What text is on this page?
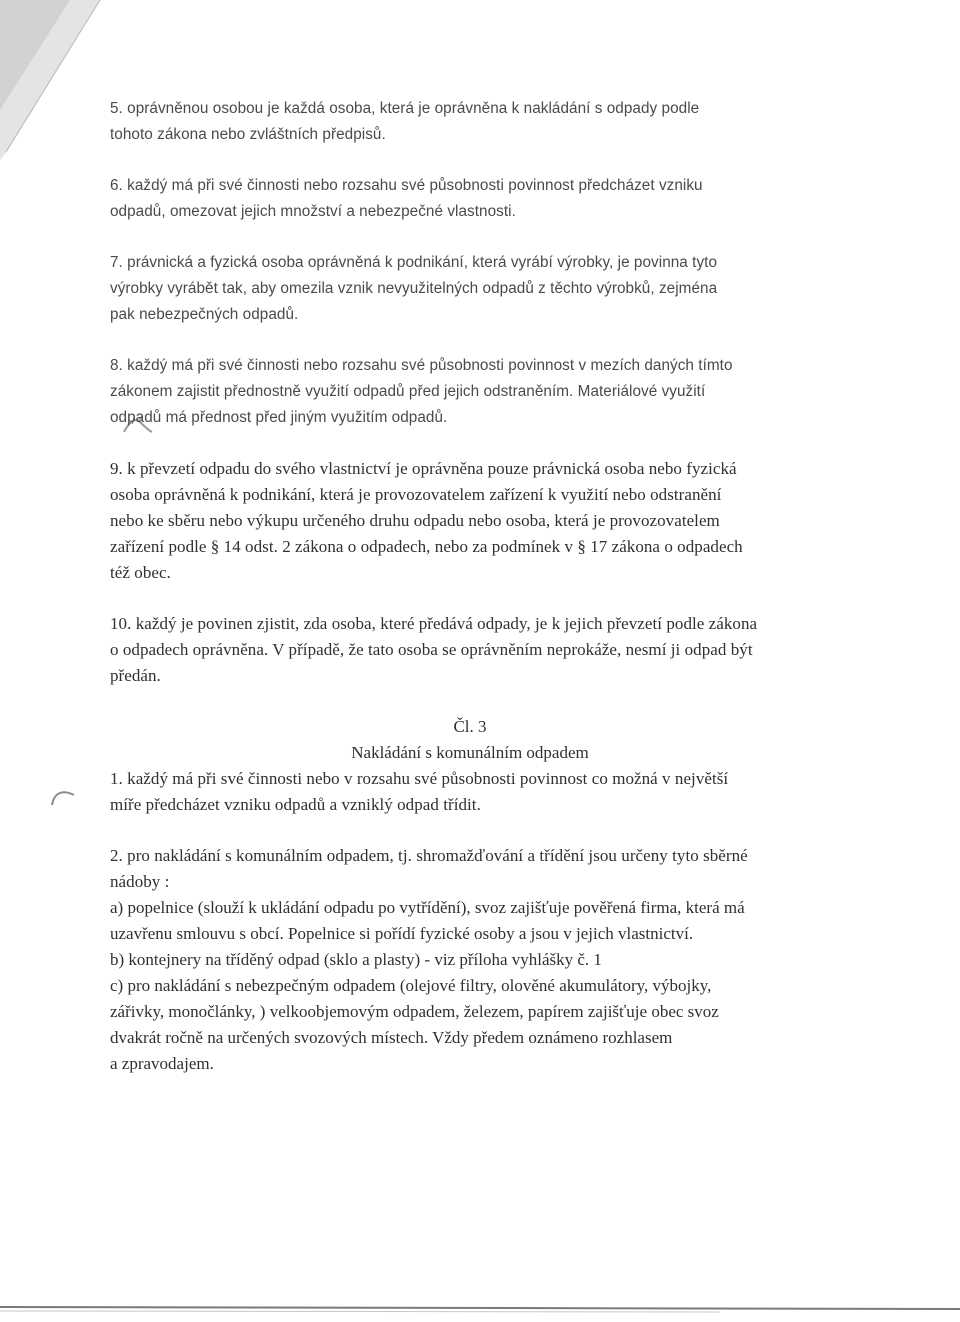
5. oprávněnou osobou je každá osoba, která je oprávněna k nakládání s odpady podle
tohoto zákona nebo zvláštních předpisů.
6. každý má při své činnosti nebo rozsahu své působnosti povinnost předcházet vzniku
odpadů, omezovat jejich množství a nebezpečné vlastnosti.
7. právnická a fyzická osoba oprávněná k podnikání, která vyrábí výrobky, je povinna tyto
výrobky vyrábět tak, aby omezila vznik nevyužitelných odpadů z těchto výrobků, zejména
pak nebezpečných odpadů.
8. každý má při své činnosti nebo rozsahu své působnosti povinnost v mezích daných tímto
zákonem zajistit přednostně využití odpadů před jejich odstraněním. Materiálové využití
odpadů má přednost před jiným využitím odpadů.
9. k převzetí odpadu do svého vlastnictví je oprávněna pouze právnická osoba nebo fyzická
osoba oprávněná k podnikání, která je provozovatelem zařízení k využití nebo odstranění
nebo ke sběru nebo výkupu určeného druhu odpadu nebo osoba, která je provozovatelem
zařízení podle § 14 odst. 2 zákona o odpadech, nebo za podmínek v § 17 zákona o odpadech
též obec.
10. každý je povinen zjistit, zda osoba, které předává odpady, je k jejich převzetí podle zákona
o odpadech oprávněna. V případě, že tato osoba se oprávněním neprokáže, nesmí ji odpad být
předán.
Čl. 3
Nakládání s komunálním odpadem
1. každý má při své činnosti nebo v rozsahu své působnosti povinnost co možná v největší
míře předcházet vzniku odpadů a vzniklý odpad třídit.
2. pro nakládání s komunálním odpadem, tj. shromažďování a třídění jsou určeny tyto sběrné
nádoby :
a) popelnice (slouží k ukládání odpadu po vytřídění), svoz zajišťuje pověřená firma, která má
uzavřenu smlouvu s obcí. Popelnice si pořídí fyzické osoby a jsou v jejich vlastnictví.
b) kontejnery na tříděný odpad (sklo a plasty) - viz příloha vyhlášky č. 1
c) pro nakládání s nebezpečným odpadem (olejové filtry, olověné akumulátory, výbojky,
zářivky, monočlánky, ) velkoobjemovým odpadem, železem, papírem zajišťuje obec svoz
dvakrát ročně na určených svozových místech. Vždy předem oznámeno rozhlasem
a zpravodajem.
